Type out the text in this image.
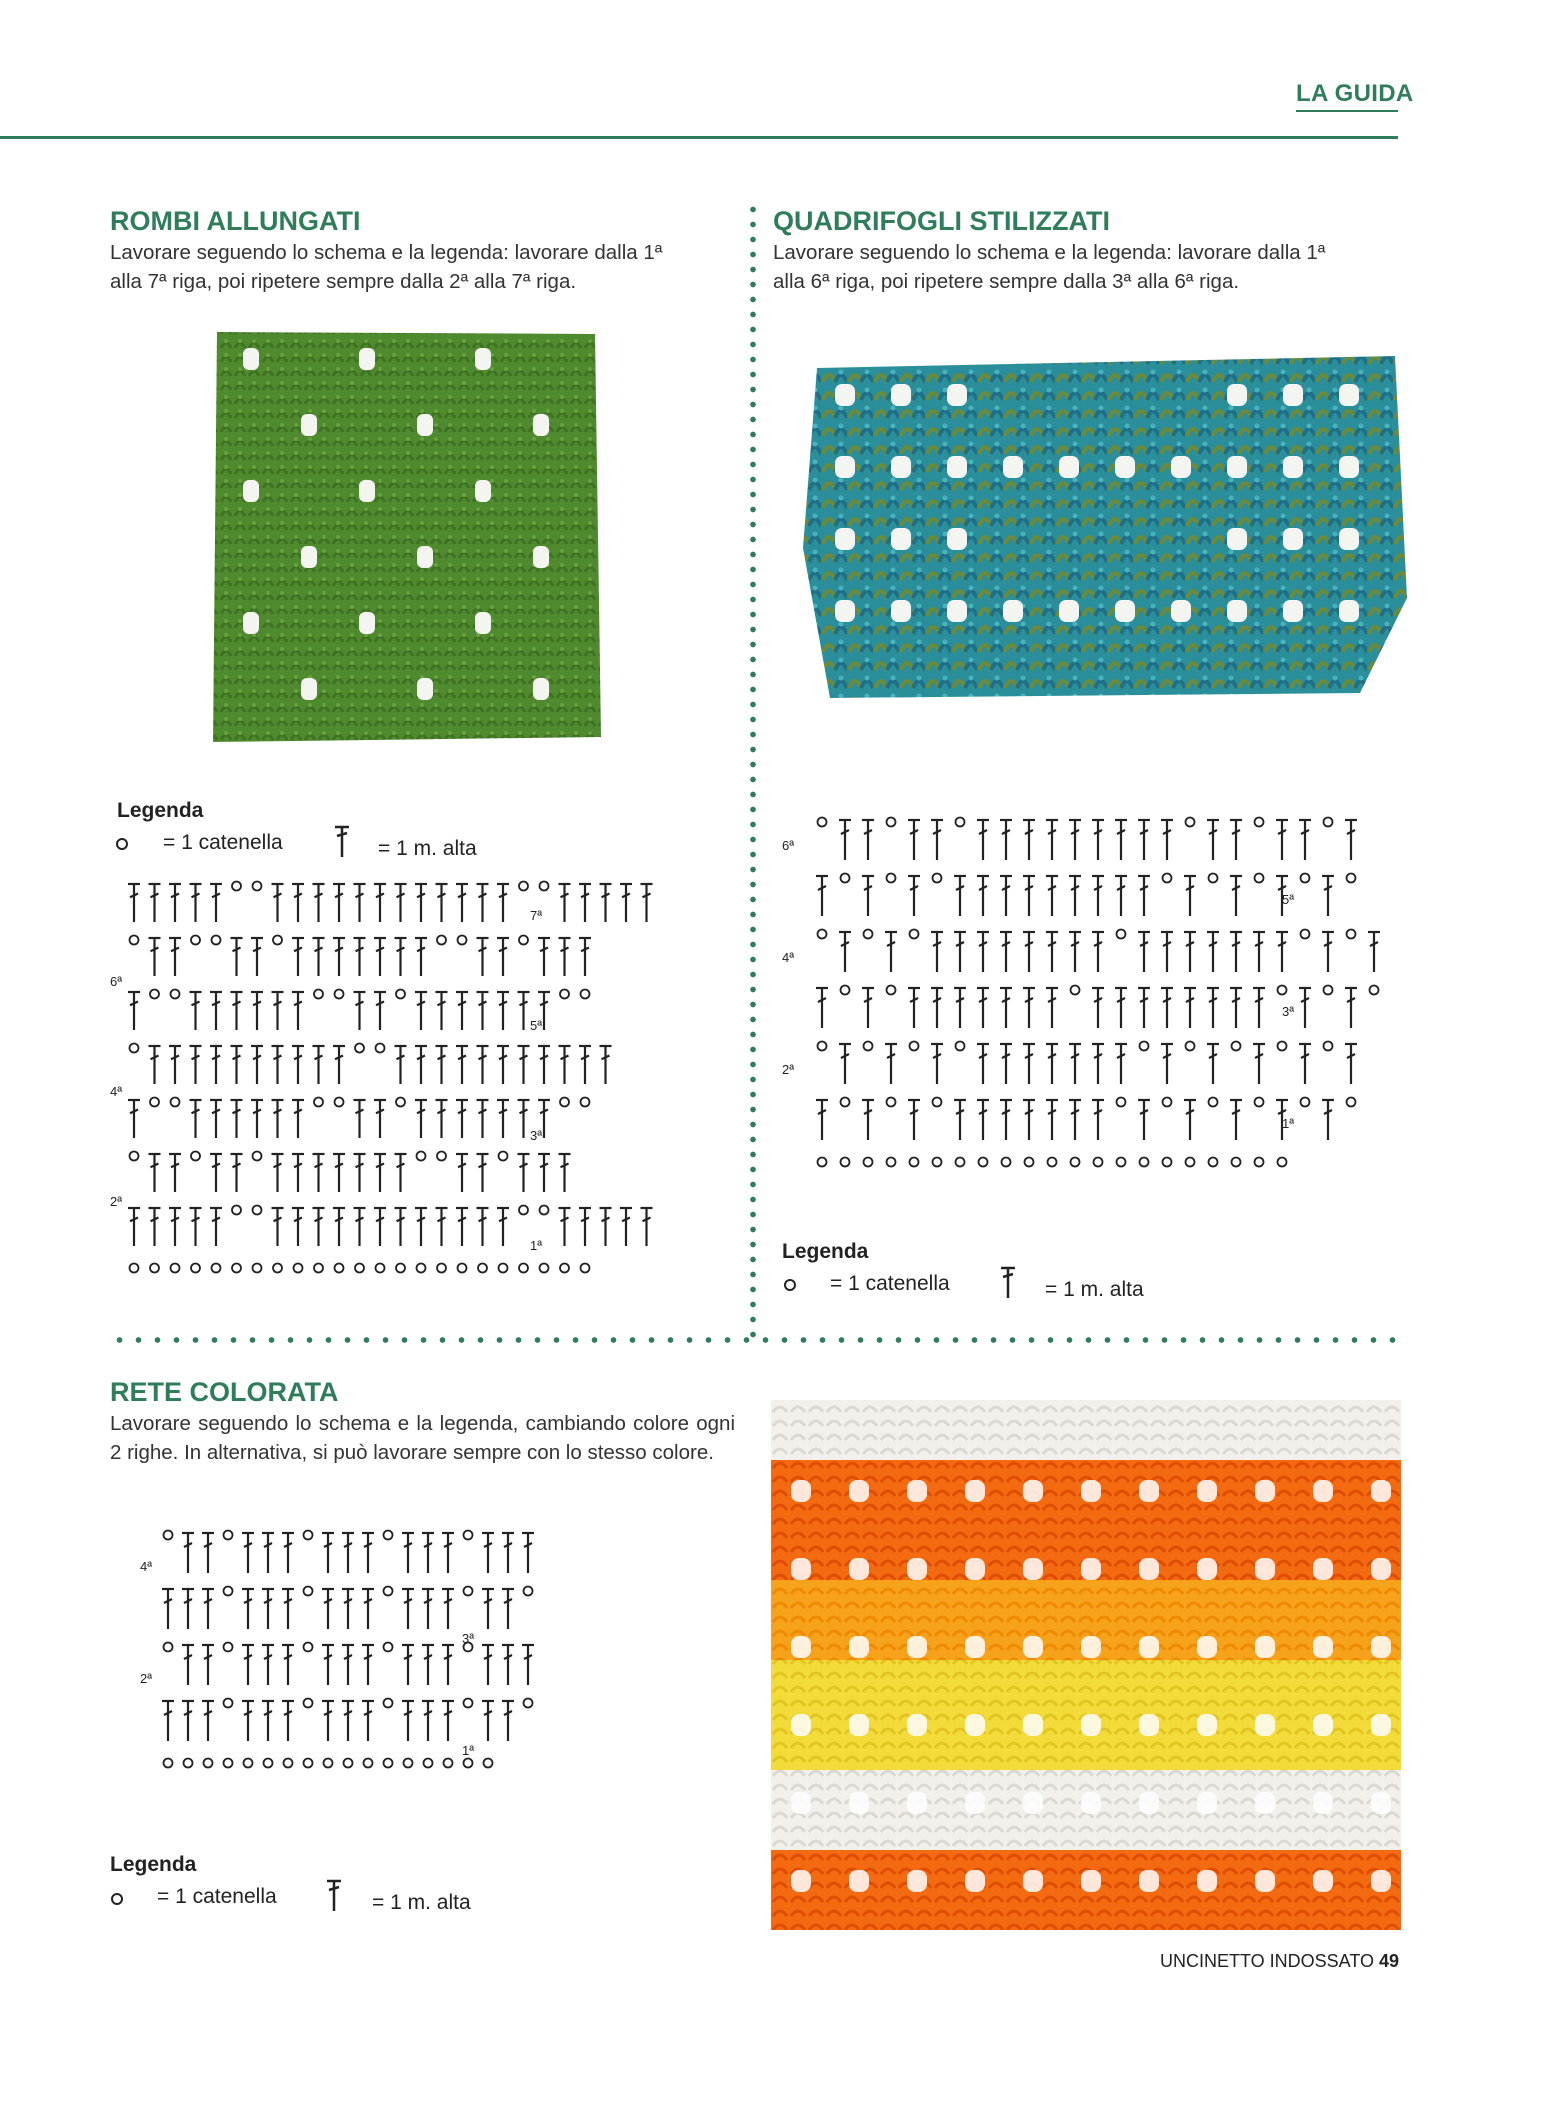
LA GUIDA
ROMBI ALLUNGATI
Lavorare seguendo lo schema e la legenda: lavorare dalla 1ª
alla 7ª riga, poi ripetere sempre dalla 2ª alla 7ª riga.
Legenda
= 1 catenella	= 1 m. alta
7ª
6ª
5ª
4ª
3ª
2ª
1ª
QUADRIFOGLI STILIZZATI
Lavorare seguendo lo schema e la legenda: lavorare dalla 1ª
alla 6ª riga, poi ripetere sempre dalla 3ª alla 6ª riga.
6ª
5ª
4ª
3ª
2ª
1ª
Legenda
= 1 catenella	= 1 m. alta
RETE COLORATA
Lavorare seguendo lo schema e la legenda, cambiando colore ogni 2 righe. In alternativa, si può lavorare sempre con lo stesso colore.
4ª
3ª
2ª
1ª
Legenda
= 1 catenella	= 1 m. alta
UNCINETTO INDOSSATO 49
